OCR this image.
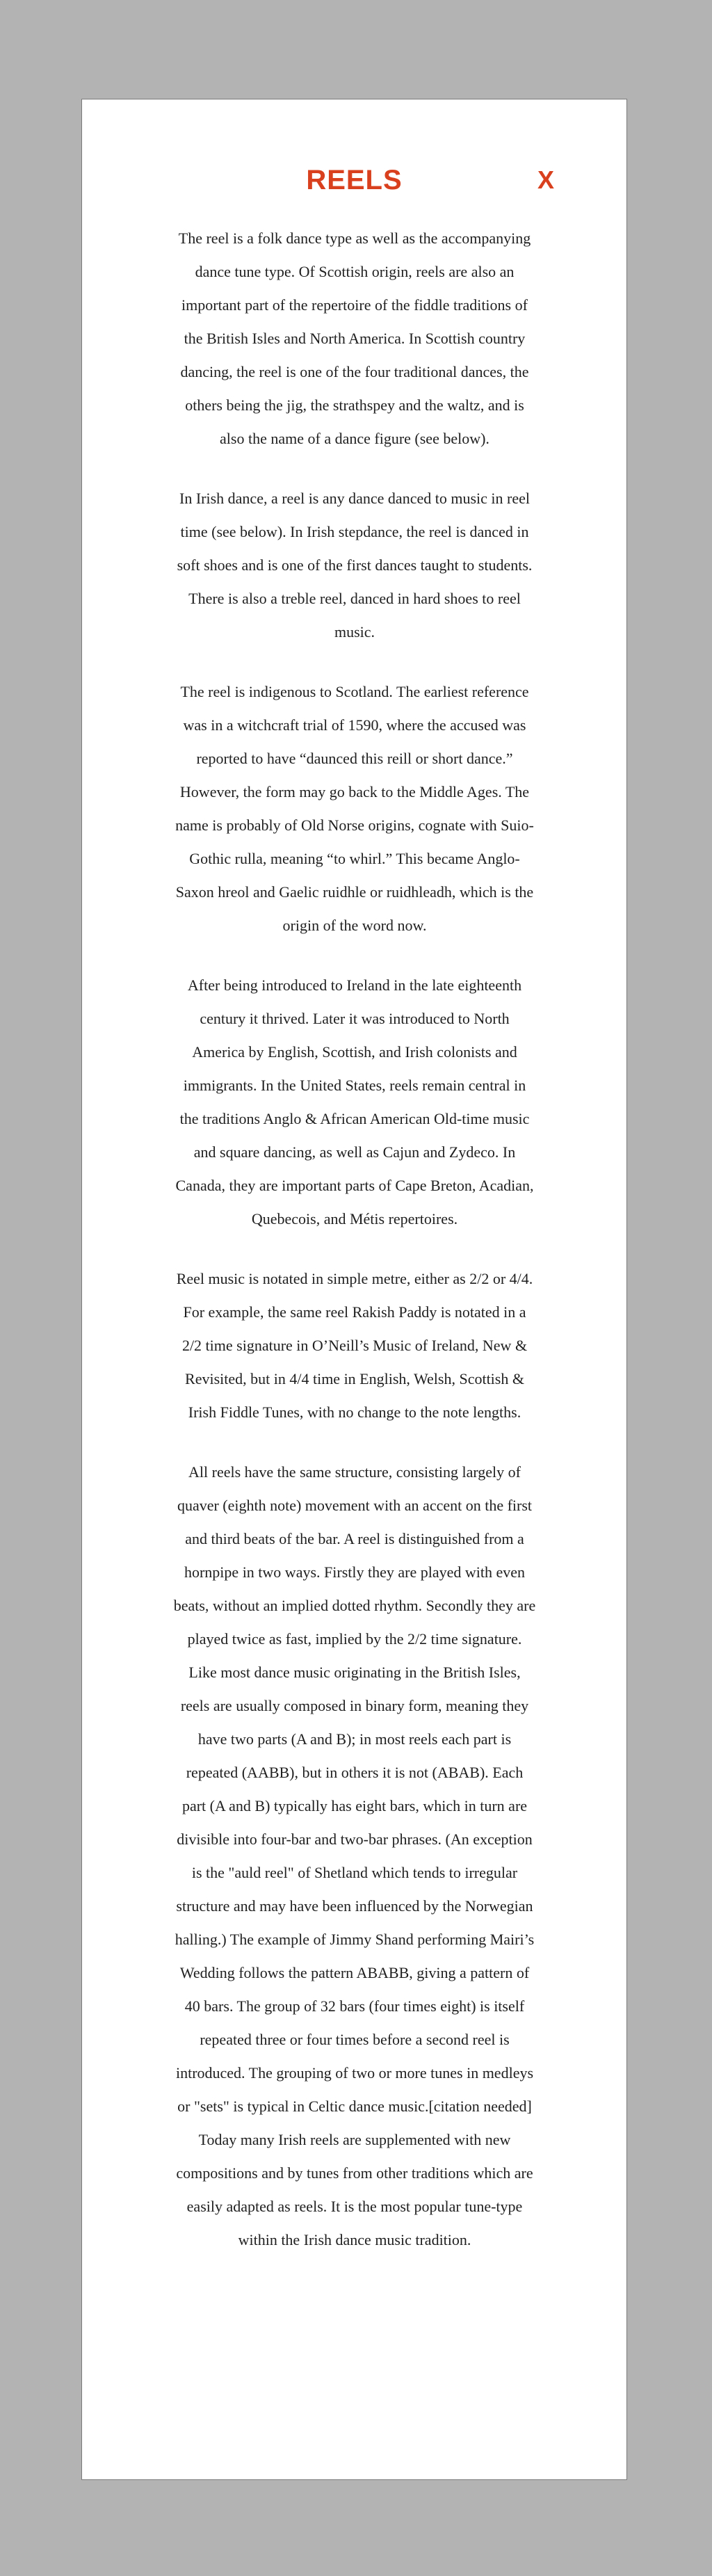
REELS	X

The reel is a folk dance type as well as the accompanying dance tune type. Of Scottish origin, reels are also an important part of the repertoire of the fiddle traditions of the British Isles and North America. In Scottish country dancing, the reel is one of the four traditional dances, the others being the jig, the strathspey and the waltz, and is also the name of a dance figure (see below).

In Irish dance, a reel is any dance danced to music in reel time (see below). In Irish stepdance, the reel is danced in soft shoes and is one of the first dances taught to students. There is also a treble reel, danced in hard shoes to reel music.

The reel is indigenous to Scotland. The earliest reference was in a witchcraft trial of 1590, where the accused was reported to have “daunced this reill or short dance.” However, the form may go back to the Middle Ages. The name is probably of Old Norse origins, cognate with Suio-Gothic rulla, meaning “to whirl.” This became Anglo-Saxon hreol and Gaelic ruidhle or ruidhleadh, which is the origin of the word now.

After being introduced to Ireland in the late eighteenth century it thrived. Later it was introduced to North America by English, Scottish, and Irish colonists and immigrants. In the United States, reels remain central in the traditions Anglo & African American Old-time music and square dancing, as well as Cajun and Zydeco. In Canada, they are important parts of Cape Breton, Acadian, Quebecois, and Métis repertoires.

Reel music is notated in simple metre, either as 2/2 or 4/4. For example, the same reel Rakish Paddy is notated in a 2/2 time signature in O’Neill’s Music of Ireland, New & Revisited, but in 4/4 time in English, Welsh, Scottish & Irish Fiddle Tunes, with no change to the note lengths.

All reels have the same structure, consisting largely of quaver (eighth note) movement with an accent on the first and third beats of the bar. A reel is distinguished from a hornpipe in two ways. Firstly they are played with even beats, without an implied dotted rhythm. Secondly they are played twice as fast, implied by the 2/2 time signature. Like most dance music originating in the British Isles, reels are usually composed in binary form, meaning they have two parts (A and B); in most reels each part is repeated (AABB), but in others it is not (ABAB). Each part (A and B) typically has eight bars, which in turn are divisible into four-bar and two-bar phrases. (An exception is the "auld reel" of Shetland which tends to irregular structure and may have been influenced by the Norwegian halling.) The example of Jimmy Shand performing Mairi’s Wedding follows the pattern ABABB, giving a pattern of 40 bars. The group of 32 bars (four times eight) is itself repeated three or four times before a second reel is introduced. The grouping of two or more tunes in medleys or "sets" is typical in Celtic dance music.[citation needed] Today many Irish reels are supplemented with new compositions and by tunes from other traditions which are easily adapted as reels. It is the most popular tune-type within the Irish dance music tradition.
